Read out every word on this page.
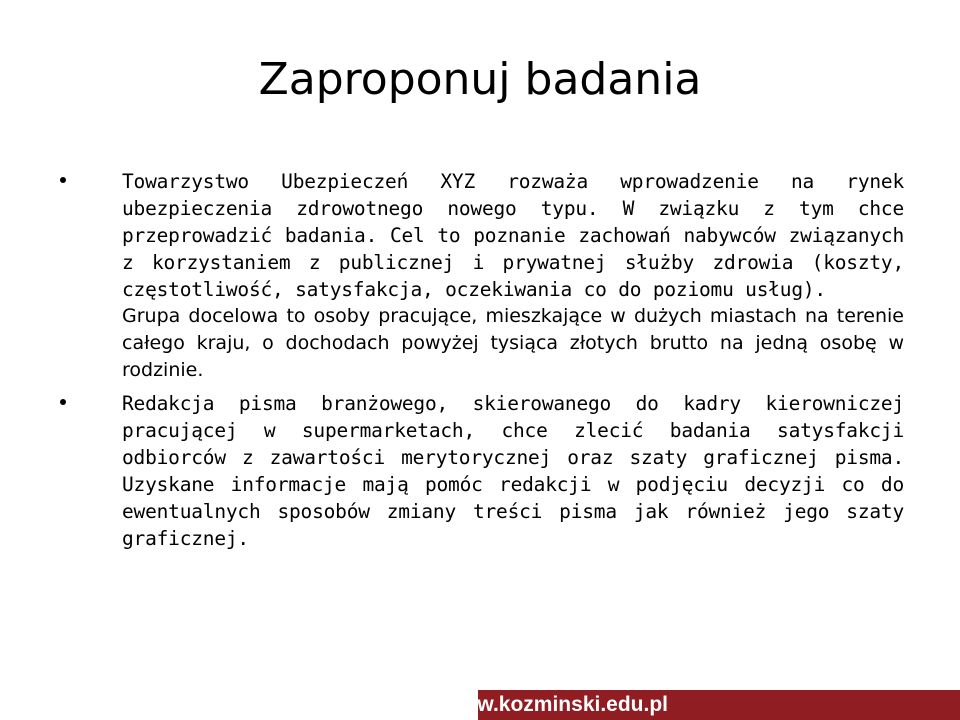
Zaproponuj badania

Towarzystwo Ubezpieczeń XYZ rozważa wprowadzenie na rynek ubezpieczenia zdrowotnego nowego typu. W związku z tym chce przeprowadzić badania. Cel to poznanie zachowań nabywców związanych z korzystaniem z publicznej i prywatnej służby zdrowia (koszty, częstotliwość, satysfakcja, oczekiwania co do poziomu usług).

Grupa docelowa to osoby pracujące, mieszkające w dużych miastach na terenie całego kraju, o dochodach powyżej tysiąca złotych brutto na jedną osobę w rodzinie.

Redakcja pisma branżowego, skierowanego do kadry kierowniczej pracującej w supermarketach, chce zlecić badania satysfakcji odbiorców z zawartości merytorycznej oraz szaty graficznej pisma. Uzyskane informacje mają pomóc redakcji w podjęciu decyzji co do ewentualnych sposobów zmiany treści pisma jak również jego szaty graficznej.

www.kozminski.edu.pl
